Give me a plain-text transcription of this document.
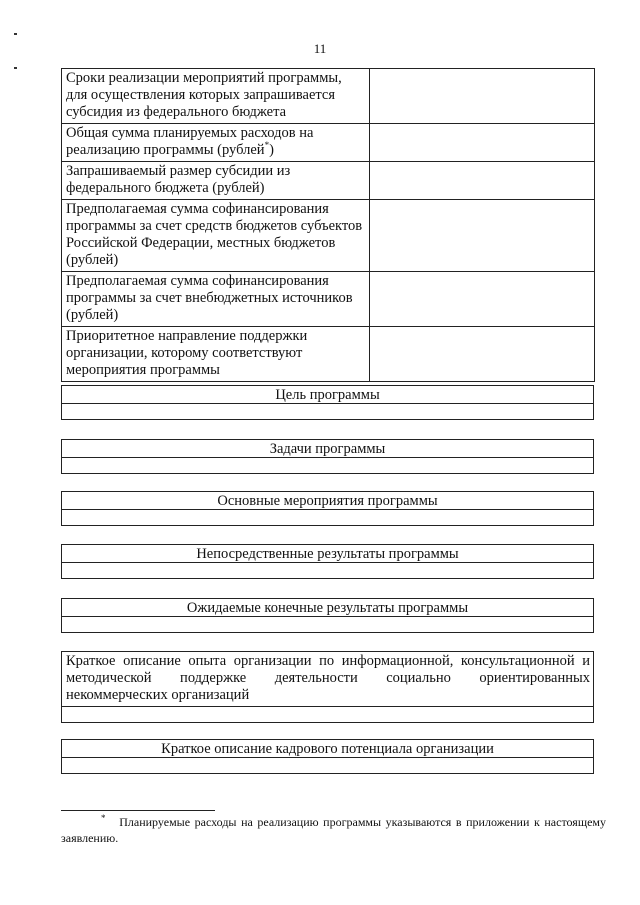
11
Сроки реализации мероприятий программы, для осуществления которых запрашивается субсидия из федерального бюджета	
Общая сумма планируемых расходов на реализацию программы (рублей*)	
Запрашиваемый размер субсидии из федерального бюджета (рублей)	
Предполагаемая сумма софинансирования программы за счет средств бюджетов субъектов Российской Федерации, местных бюджетов (рублей)	
Предполагаемая сумма софинансирования программы за счет внебюджетных источников (рублей)	
Приоритетное направление поддержки организации, которому соответствуют мероприятия программы	
Цель программы
Задачи программы
Основные мероприятия программы
Непосредственные результаты программы
Ожидаемые конечные результаты программы
Краткое описание опыта организации по информационной, консультационной и методической поддержке деятельности социально ориентированных некоммерческих организаций
Краткое описание кадрового потенциала организации
* Планируемые расходы на реализацию программы указываются в приложении к настоящему заявлению.
